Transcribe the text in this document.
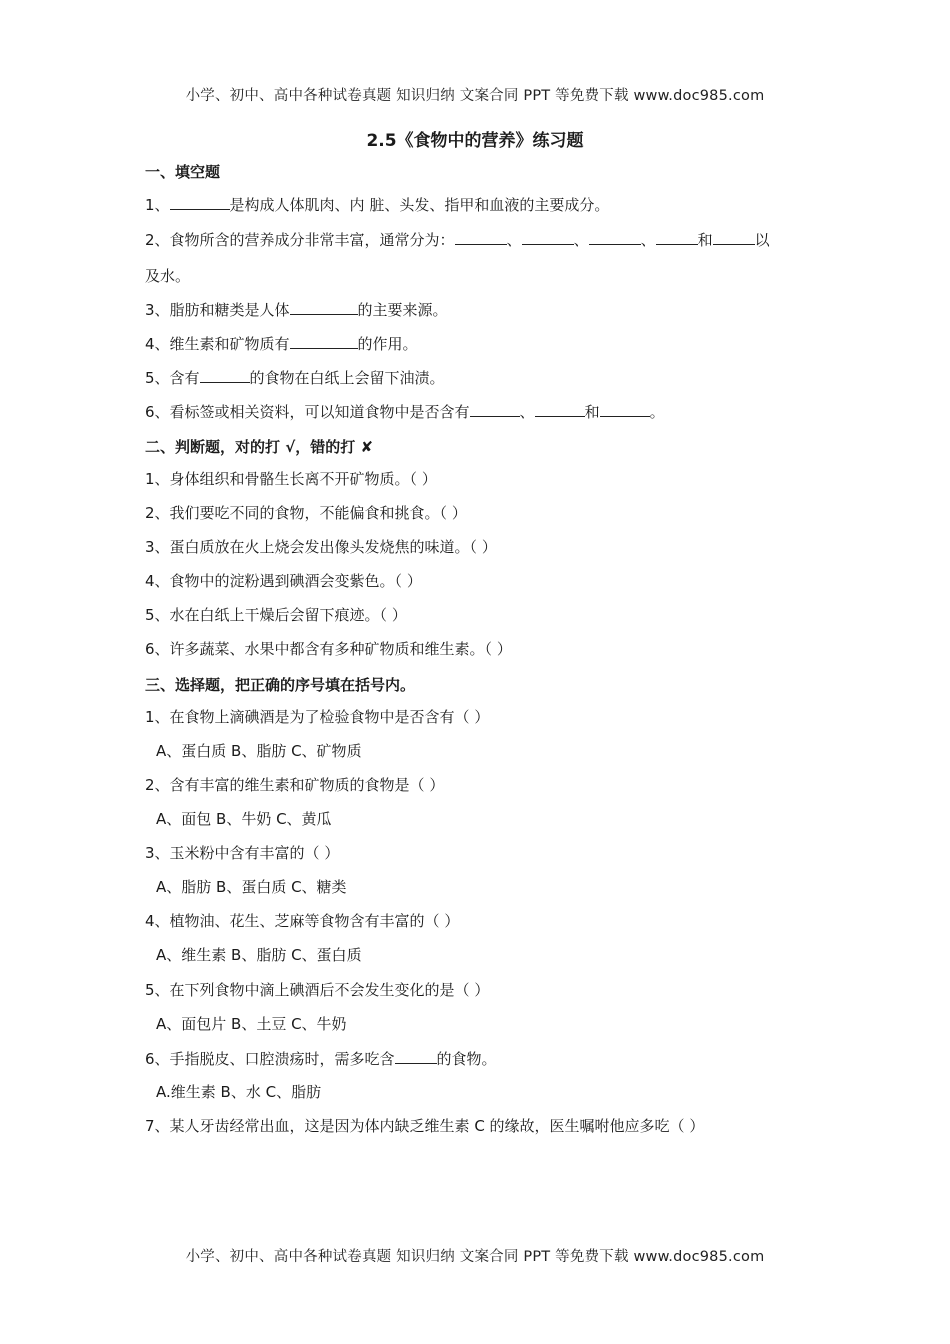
小学、初中、高中各种试卷真题 知识归纳 文案合同 PPT 等免费下载 www.doc985.com
2.5《食物中的营养》练习题
一、填空题
1、	是构成人体肌肉、内 脏、头发、指甲和血液的主要成分。
2、食物所含的营养成分非常丰富，通常分为：	、	、	、	和	以
及水。
3、脂肪和糖类是人体	的主要来源。
4、维生素和矿物质有	的作用。
5、含有	的食物在白纸上会留下油渍。
6、看标签或相关资料，可以知道食物中是否含有	、	和	。
二、判断题，对的打 √，错的打 ✘
1、身体组织和骨骼生长离不开矿物质。（ ）
2、我们要吃不同的食物，不能偏食和挑食。（ ）
3、蛋白质放在火上烧会发出像头发烧焦的味道。（ ）
4、食物中的淀粉遇到碘酒会变紫色。（ ）
5、水在白纸上干燥后会留下痕迹。（ ）
6、许多蔬菜、水果中都含有多种矿物质和维生素。（ ）
三、选择题，把正确的序号填在括号内。
1、在食物上滴碘酒是为了检验食物中是否含有（ ）
A、蛋白质 B、脂肪 C、矿物质
2、含有丰富的维生素和矿物质的食物是（ ）
A、面包 B、牛奶 C、黄瓜
3、玉米粉中含有丰富的（ ）
A、脂肪 B、蛋白质 C、糖类
4、植物油、花生、芝麻等食物含有丰富的（ ）
A、维生素 B、脂肪 C、蛋白质
5、在下列食物中滴上碘酒后不会发生变化的是（ ）
A、面包片 B、土豆 C、牛奶
6、手指脱皮、口腔溃疡时，需多吃含	的食物。
A.维生素 B、水 C、脂肪
7、某人牙齿经常出血，这是因为体内缺乏维生素 C 的缘故，医生嘱咐他应多吃（ ）
小学、初中、高中各种试卷真题 知识归纳 文案合同 PPT 等免费下载 www.doc985.com
